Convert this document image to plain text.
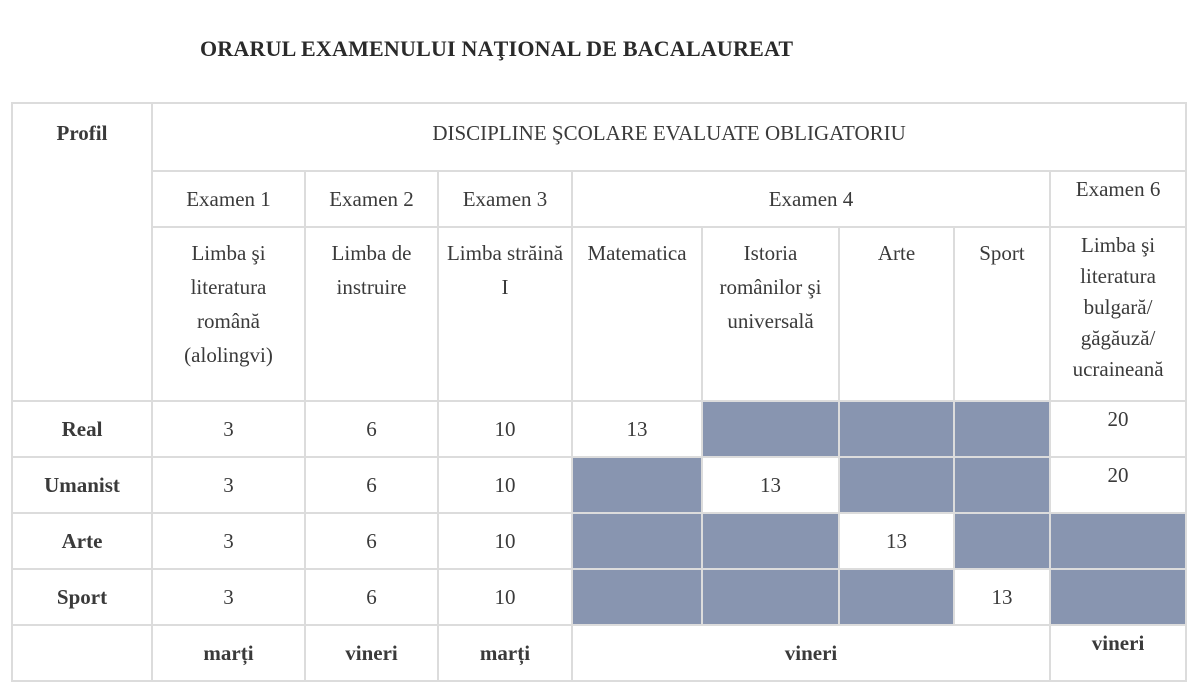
ORARUL EXAMENULUI NAŢIONAL DE BACALAUREAT
Profil	DISCIPLINE ŞCOLARE EVALUATE OBLIGATORIU							
	Examen 1	Examen 2	Examen 3	Examen 4				Examen 6
	Limba şi literatura română (alolingvi)	Limba de instruire	Limba străină I	Matematica	Istoria românilor şi universală	Arte	Sport	Limba şi literatura bulgară/ găgăuză/ ucraineană
Real	3	6	10	13				20
Umanist	3	6	10		13			20
Arte	3	6	10			13		
Sport	3	6	10				13	
	marți	vineri	marți	vineri				vineri
